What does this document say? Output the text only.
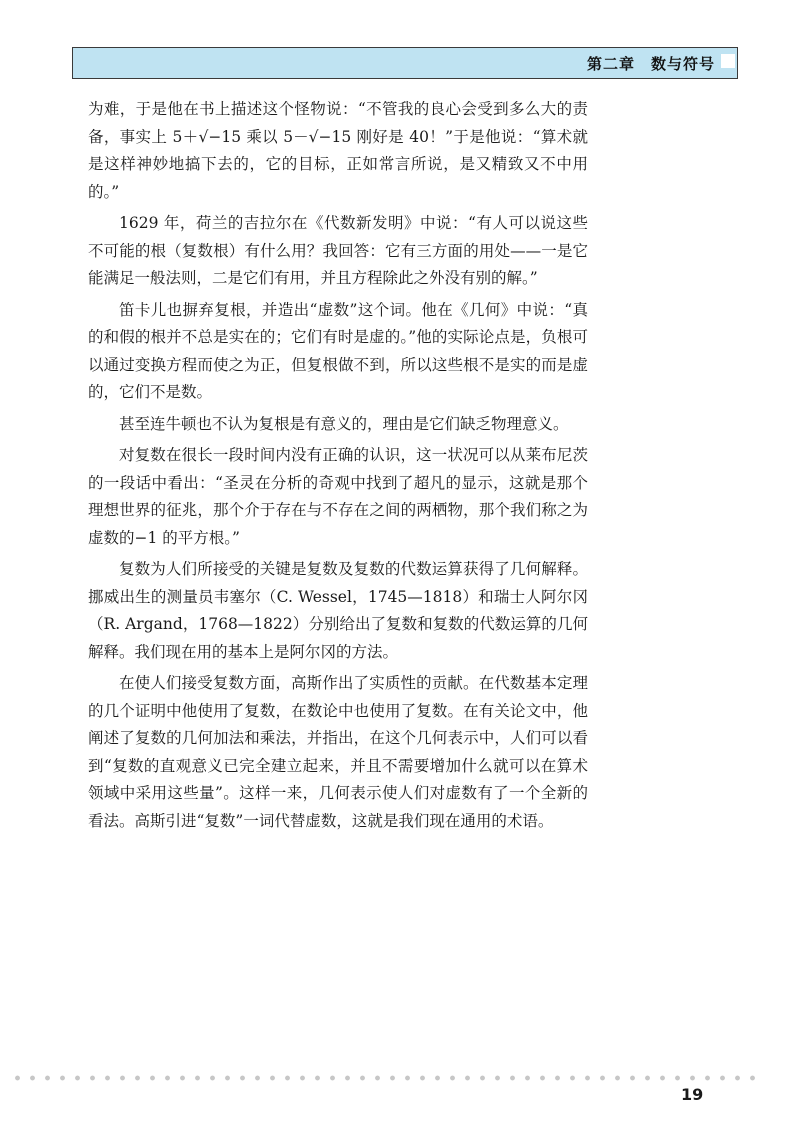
第二章　数与符号

为难，于是他在书上描述这个怪物说：“不管我的良心会受到多么大的责备，事实上 5＋√−15 乘以 5－√−15 刚好是 40！”于是他说：“算术就是这样神妙地搞下去的，它的目标，正如常言所说，是又精致又不中用的。”

1629 年，荷兰的吉拉尔在《代数新发明》中说：“有人可以说这些不可能的根（复数根）有什么用？我回答：它有三方面的用处——一是它能满足一般法则，二是它们有用，并且方程除此之外没有别的解。”

笛卡儿也摒弃复根，并造出“虚数”这个词。他在《几何》中说：“真的和假的根并不总是实在的；它们有时是虚的。”他的实际论点是，负根可以通过变换方程而使之为正，但复根做不到，所以这些根不是实的而是虚的，它们不是数。

甚至连牛顿也不认为复根是有意义的，理由是它们缺乏物理意义。

对复数在很长一段时间内没有正确的认识，这一状况可以从莱布尼茨的一段话中看出：“圣灵在分析的奇观中找到了超凡的显示，这就是那个理想世界的征兆，那个介于存在与不存在之间的两栖物，那个我们称之为虚数的−1 的平方根。”

复数为人们所接受的关键是复数及复数的代数运算获得了几何解释。挪威出生的测量员韦塞尔（C. Wessel，1745—1818）和瑞士人阿尔冈（R. Argand，1768—1822）分别给出了复数和复数的代数运算的几何解释。我们现在用的基本上是阿尔冈的方法。

在使人们接受复数方面，高斯作出了实质性的贡献。在代数基本定理的几个证明中他使用了复数，在数论中也使用了复数。在有关论文中，他阐述了复数的几何加法和乘法，并指出，在这个几何表示中，人们可以看到“复数的直观意义已完全建立起来，并且不需要增加什么就可以在算术领域中采用这些量”。这样一来，几何表示使人们对虚数有了一个全新的看法。高斯引进“复数”一词代替虚数，这就是我们现在通用的术语。

19
